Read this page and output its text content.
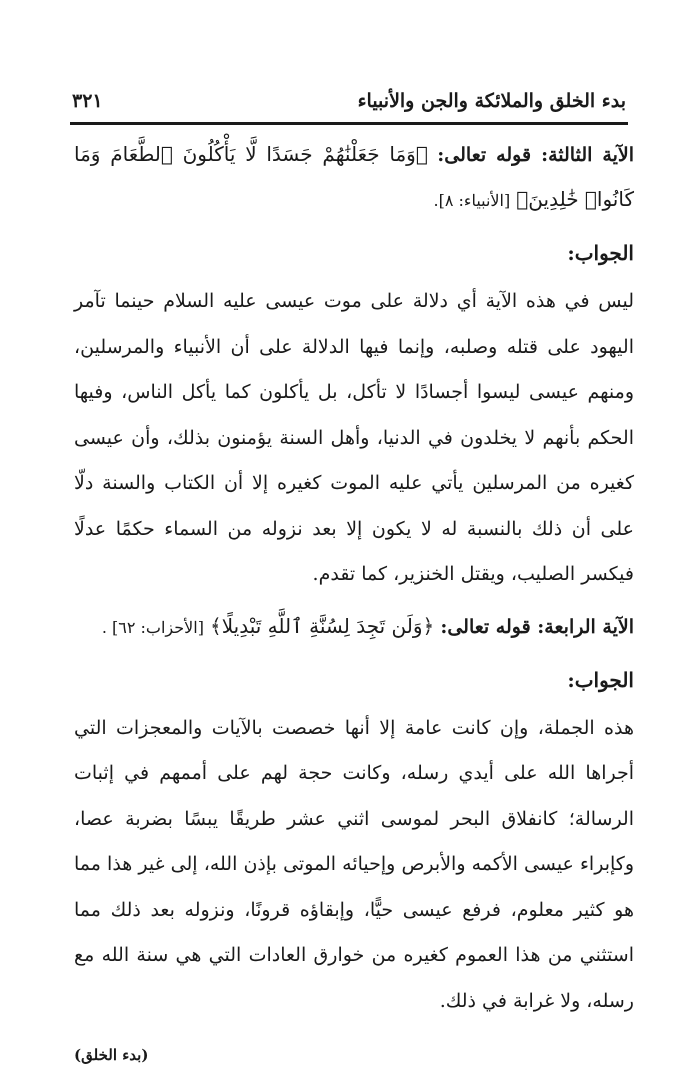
بدء الخلق والملائكة والجن والأنبياء
٣٢١

الآية الثالثة: قوله تعالى: ﴿وَمَا جَعَلْنَٰهُمْ جَسَدًا لَّا يَأْكُلُونَ ٱلطَّعَامَ وَمَا كَانُوا۟ خَٰلِدِينَ﴾ [الأنبياء: ٨].

الجواب:

ليس في هذه الآية أي دلالة على موت عيسى عليه السلام حينما تآمر اليهود على قتله وصلبه، وإنما فيها الدلالة على أن الأنبياء والمرسلين، ومنهم عيسى ليسوا أجسادًا لا تأكل، بل يأكلون كما يأكل الناس، وفيها الحكم بأنهم لا يخلدون في الدنيا، وأهل السنة يؤمنون بذلك، وأن عيسى كغيره من المرسلين يأتي عليه الموت كغيره إلا أن الكتاب والسنة دلّا على أن ذلك بالنسبة له لا يكون إلا بعد نزوله من السماء حكمًا عدلًا فيكسر الصليب، ويقتل الخنزير، كما تقدم.

الآية الرابعة: قوله تعالى: ﴿وَلَن تَجِدَ لِسُنَّةِ ٱللَّهِ تَبْدِيلًا﴾ [الأحزاب: ٦٢] .

الجواب:

هذه الجملة، وإن كانت عامة إلا أنها خصصت بالآيات والمعجزات التي أجراها الله على أيدي رسله، وكانت حجة لهم على أممهم في إثبات الرسالة؛ كانفلاق البحر لموسى اثني عشر طريقًا يبسًا بضربة عصا، وكإبراء عيسى الأكمه والأبرص وإحيائه الموتى بإذن الله، إلى غير هذا مما هو كثير معلوم، فرفع عيسى حيًّا، وإبقاؤه قرونًا، ونزوله بعد ذلك مما استثني من هذا العموم كغيره من خوارق العادات التي هي سنة الله مع رسله، ولا غرابة في ذلك.

(بدء الخلق)
